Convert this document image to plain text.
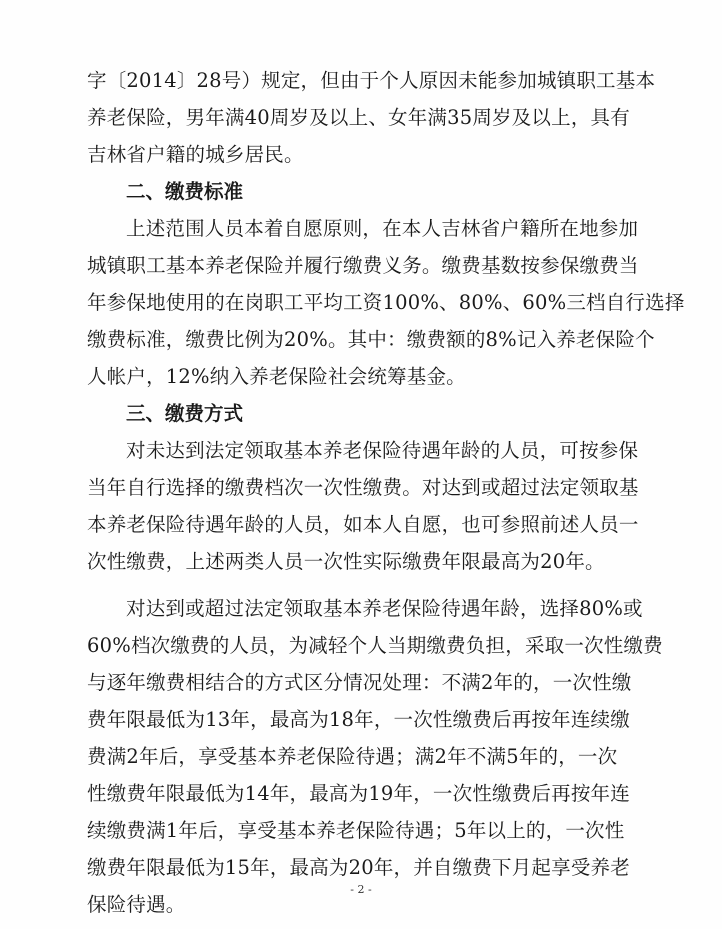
字〔2014〕28号）规定，但由于个人原因未能参加城镇职工基本
养老保险，男年满40周岁及以上、女年满35周岁及以上，具有
吉林省户籍的城乡居民。
二、缴费标准
上述范围人员本着自愿原则，在本人吉林省户籍所在地参加
城镇职工基本养老保险并履行缴费义务。缴费基数按参保缴费当
年参保地使用的在岗职工平均工资100%、80%、60%三档自行选择
缴费标准，缴费比例为20%。其中：缴费额的8%记入养老保险个
人帐户，12%纳入养老保险社会统筹基金。
三、缴费方式
对未达到法定领取基本养老保险待遇年龄的人员，可按参保
当年自行选择的缴费档次一次性缴费。对达到或超过法定领取基
本养老保险待遇年龄的人员，如本人自愿，也可参照前述人员一
次性缴费，上述两类人员一次性实际缴费年限最高为20年。
对达到或超过法定领取基本养老保险待遇年龄，选择80%或
60%档次缴费的人员，为减轻个人当期缴费负担，采取一次性缴费
与逐年缴费相结合的方式区分情况处理：不满2年的，一次性缴
费年限最低为13年，最高为18年，一次性缴费后再按年连续缴
费满2年后，享受基本养老保险待遇；满2年不满5年的，一次
性缴费年限最低为14年，最高为19年，一次性缴费后再按年连
续缴费满1年后，享受基本养老保险待遇；5年以上的，一次性
缴费年限最低为15年，最高为20年，并自缴费下月起享受养老
保险待遇。
- 2 -
